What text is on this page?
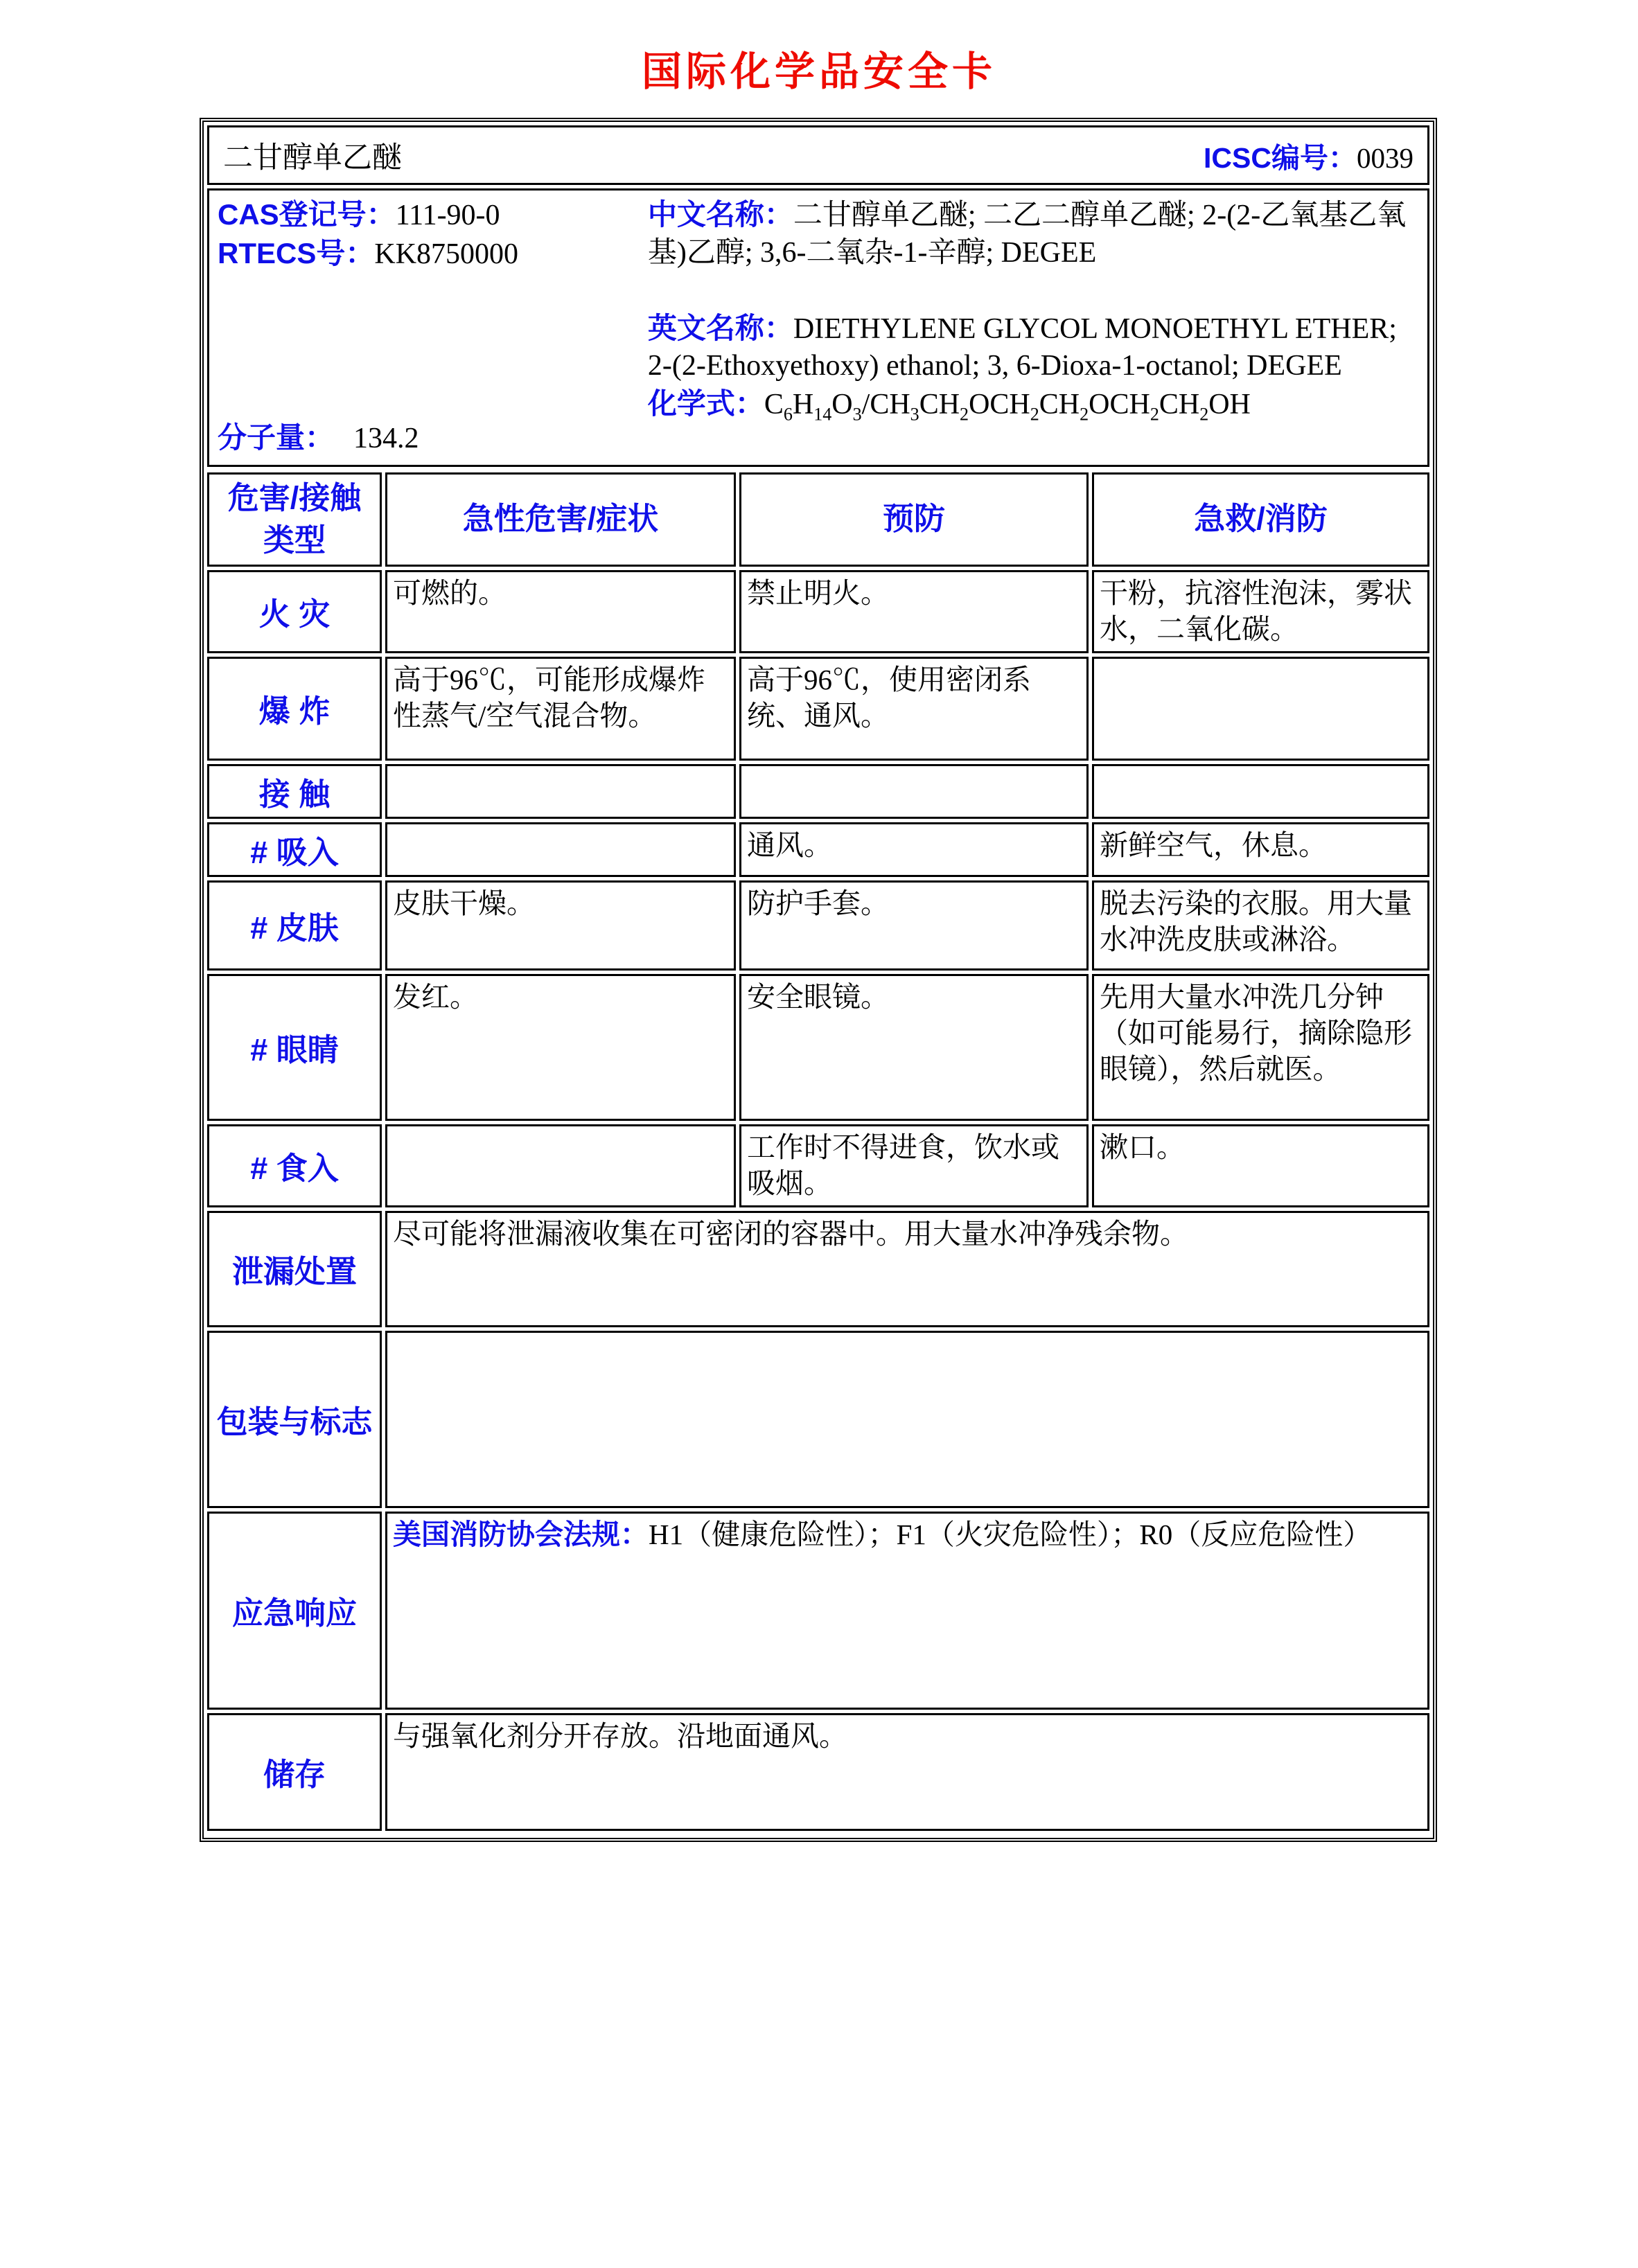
国际化学品安全卡
二甘醇单乙醚	ICSC编号：0039
CAS登记号：111-90-0
RTECS号：KK8750000
分子量： 134.2

中文名称：二甘醇单乙醚; 二乙二醇单乙醚; 2-(2-乙氧基乙氧基)乙醇; 3,6-二氧杂-1-辛醇; DEGEE

英文名称：DIETHYLENE GLYCOL MONOETHYL ETHER; 2-(2-Ethoxyethoxy) ethanol; 3, 6-Dioxa-1-octanol; DEGEE

化学式：$C_6H_{14}O_3/CH_3CH_2OCH_2CH_2OCH_2CH_2OH$

危害/接触 类型	急性危害/症状	预防	急救/消防
火 灾	可燃的。	禁止明火。	干粉，抗溶性泡沫，雾状水，二氧化碳。
爆 炸	高于96℃，可能形成爆炸性蒸气/空气混合物。	高于96℃，使用密闭系统、通风。	
接 触			
# 吸入		通风。	新鲜空气，休息。
# 皮肤	皮肤干燥。	防护手套。	脱去污染的衣服。用大量水冲洗皮肤或淋浴。
# 眼睛	发红。	安全眼镜。	先用大量水冲洗几分钟（如可能易行，摘除隐形眼镜），然后就医。
# 食入		工作时不得进食，饮水或吸烟。	漱口。
泄漏处置	尽可能将泄漏液收集在可密闭的容器中。用大量水冲净残余物。		
包装与标志			
应急响应	美国消防协会法规：H1（健康危险性）；F1（火灾危险性）；R0（反应危险性）		
储存	与强氧化剂分开存放。沿地面通风。		
